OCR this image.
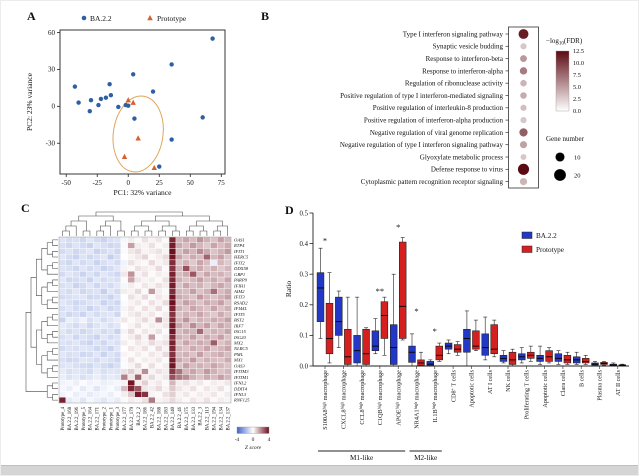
A	B
C	D
-50	-25	0	25	50	75
-30
0
30
60
PC1: 32% variance
PC2: 23% variance
BA.2.2	Prototype
Type I interferon signaling pathway
Synaptic vesicle budding
Response to interferon-beta
Response to interferon-alpha
Regulation of ribonuclease activity
Positive regulation of type I interferon-mediated signaling
Positive regulation of interleukin-8 production
Positive regulation of interferon-alpha production
Negative regulation of viral genome replication
Negative regulation of type I interferon signaling pathway
Glyoxylate metabolic process
Defense response to virus
Cytoplasmic pattern recognition receptor signaling
$-\log_{10}(FDR)$
12.5
10.0
7.5
5.0
2.5
0.0
Gene number
10
20
OAS1
RTP4
IFIT1
HERC5
IFIT2
DDX58
GBP1
PARP9
IFIH1
AIM2
IFIT3
RSAD2
IFI44L
IFIT5
BST2
IRF7
ISG15
ISG20
MX2
NLRC5
PML
MX1
OAS3
IFITM3
IFITM1
IFNL2
DDIT4
IFNL3
RNF125
Prototype_4 BA.2.2_168 BA.2.2_196 Prototype_5 BA.2.2_164 BA.2.2_171 Prototype_2 Prototype_1 Prototype_3 BA.2.2_177 BA.2.2_179 BA.2.2_2 BA.2.2_186 BA.2.2_42 BA.2.2_188 BA.2.2_183 BA.2.2_140 BA.2.2_46 BA.2.2_175 BA.2.2_133 BA.2.2_3 BA.2.2_113 BA.2.2_194 BA.2.2_134 BA.2.2_137
-4 0 4
Z score
0.0
0.1
0.2
0.3
0.4
0.5
Ratio
*
**
*
*
*
$S100A8^{high}$ macrophage
$CXCL8^{high}$ macrophage
$CCL8^{high}$ macrophage
$C1QB^{high}$ macrophage
$APOE^{high}$ macrophage
$NR4A1^{high}$ macrophage
$IL1B^{high}$ macrophage CD8+ T cells Apoptotic cells AT I cells NK cells Proliferating T cells Apoptotic cells Clara cells B cells Plasma cells AT II cells
M1-like	M2-like
BA.2.2
Prototype
